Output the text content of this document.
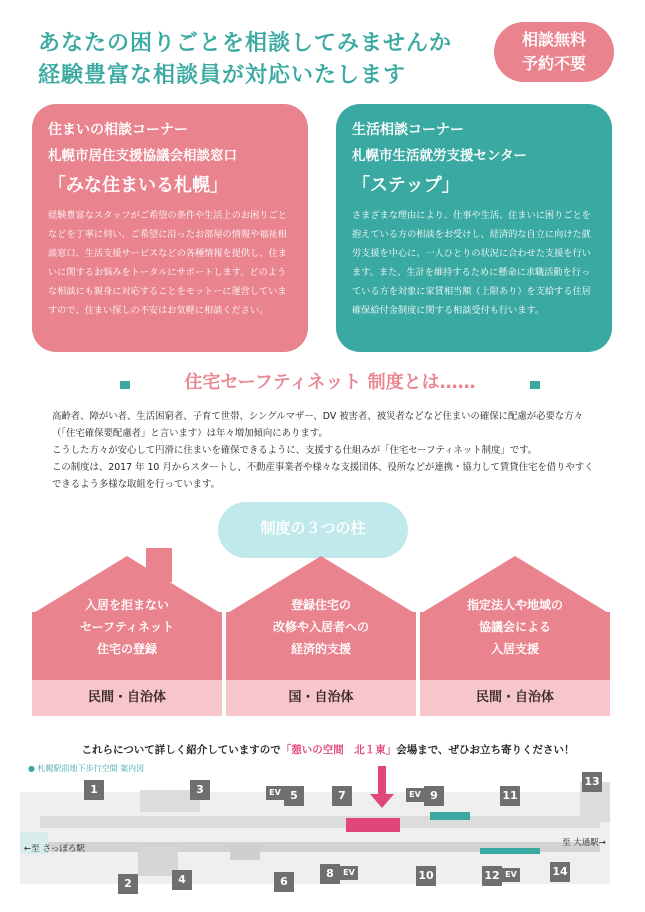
あなたの困りごとを相談してみませんか
経験豊富な相談員が対応いたします
相談無料
予約不要
住まいの相談コーナー
札幌市居住支援協議会相談窓口
「みな住まいる札幌」
経験豊富なスタッフがご希望の条件や生活上のお困りごとなどを丁寧に伺い、ご希望に沿ったお部屋の情報や福祉相談窓口、生活支援サービスなどの各種情報を提供し、住まいに関するお悩みをトータルにサポートします。どのような相談にも親身に対応することをモットーに運営していますので、住まい探しの不安はお気軽に相談ください。
生活相談コーナー
札幌市生活就労支援センター
「ステップ」
さまざまな理由により、仕事や生活、住まいに困りごとを抱えている方の相談をお受けし、経済的な自立に向けた就労支援を中心に、一人ひとりの状況に合わせた支援を行います。また、生計を維持するために懸命に求職活動を行っている方を対象に家賃相当額（上限あり）を支給する住居確保給付金制度に関する相談受付も行います。
住宅セーフティネット 制度とは……
高齢者、障がい者、生活困窮者、子育て世帯、シングルマザー、DV 被害者、被災者などなど住まいの確保に配慮が必要な方々（「住宅確保要配慮者」と言います）は年々増加傾向にあります。
こうした方々が安心して円滑に住まいを確保できるように、支援する仕組みが「住宅セーフティネット制度」です。
この制度は、2017 年 10 月からスタートし、不動産事業者や様々な支援団体、役所などが連携・協力して賃貸住宅を借りやすくできるよう多様な取組を行っています。
制度の３つの柱
入居を拒まない
セーフティネット
住宅の登録
民間・自治体
登録住宅の
改修や入居者への
経済的支援
国・自治体
指定法人や地域の
協議会による
入居支援
民間・自治体
これらについて詳しく紹介していますので「憩いの空間　北１東」会場まで、ぜひお立ち寄りください！
● 札幌駅前地下歩行空間 案内図
1
2
3
4
EV 5
6
7
8	EV
EV 9
10
11
12 EV
13
14
←至 さっぽろ駅
至 大通駅→
